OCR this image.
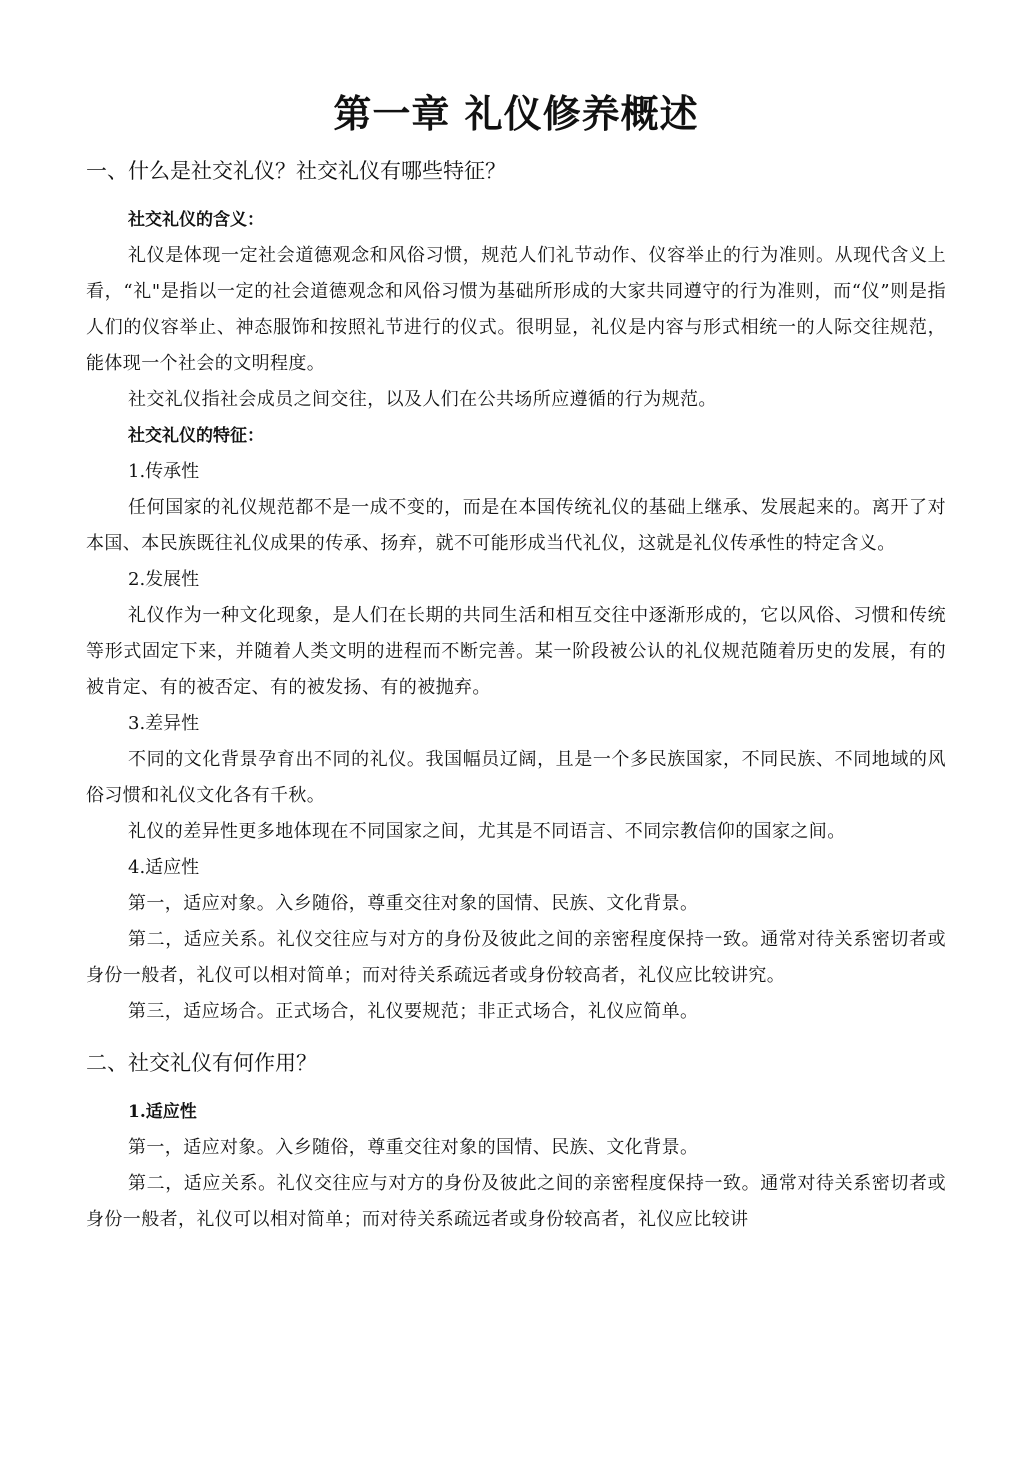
第一章 礼仪修养概述
一、什么是社交礼仪？社交礼仪有哪些特征？

社交礼仪的含义：

礼仪是体现一定社会道德观念和风俗习惯，规范人们礼节动作、仪容举止的行为准则。从现代含义上看，“礼"是指以一定的社会道德观念和风俗习惯为基础所形成的大家共同遵守的行为准则，而“仪”则是指人们的仪容举止、神态服饰和按照礼节进行的仪式。很明显，礼仪是内容与形式相统一的人际交往规范，能体现一个社会的文明程度。

社交礼仪指社会成员之间交往，以及人们在公共场所应遵循的行为规范。

社交礼仪的特征：

1.传承性

任何国家的礼仪规范都不是一成不变的，而是在本国传统礼仪的基础上继承、发展起来的。离开了对本国、本民族既往礼仪成果的传承、扬弃，就不可能形成当代礼仪，这就是礼仪传承性的特定含义。

2.发展性

礼仪作为一种文化现象，是人们在长期的共同生活和相互交往中逐渐形成的，它以风俗、习惯和传统等形式固定下来，并随着人类文明的进程而不断完善。某一阶段被公认的礼仪规范随着历史的发展，有的被肯定、有的被否定、有的被发扬、有的被抛弃。

3.差异性

不同的文化背景孕育出不同的礼仪。我国幅员辽阔，且是一个多民族国家，不同民族、不同地域的风俗习惯和礼仪文化各有千秋。

礼仪的差异性更多地体现在不同国家之间，尤其是不同语言、不同宗教信仰的国家之间。

4.适应性

第一，适应对象。入乡随俗，尊重交往对象的国情、民族、文化背景。

第二，适应关系。礼仪交往应与对方的身份及彼此之间的亲密程度保持一致。通常对待关系密切者或身份一般者，礼仪可以相对简单；而对待关系疏远者或身份较高者，礼仪应比较讲究。

第三，适应场合。正式场合，礼仪要规范；非正式场合，礼仪应简单。

二、社交礼仪有何作用？

1.适应性

第一，适应对象。入乡随俗，尊重交往对象的国情、民族、文化背景。

第二，适应关系。礼仪交往应与对方的身份及彼此之间的亲密程度保持一致。通常对待关系密切者或身份一般者，礼仪可以相对简单；而对待关系疏远者或身份较高者，礼仪应比较讲
